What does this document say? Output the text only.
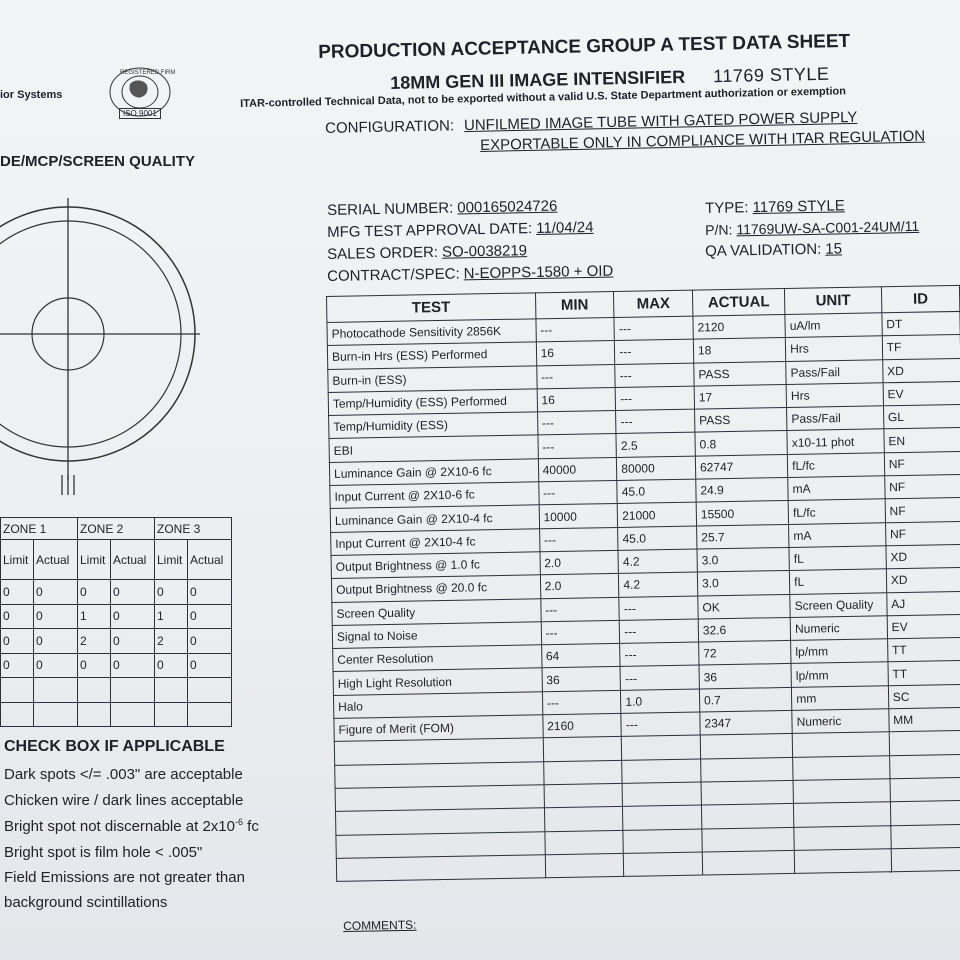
ior Systems
REGISTERED FIRM
ISO 9001
PRODUCTION ACCEPTANCE GROUP A TEST DATA SHEET
18MM GEN III IMAGE INTENSIFIER 11769 STYLE
ITAR-controlled Technical Data, not to be exported without a valid U.S. State Department authorization or exemption
CONFIGURATION: UNFILMED IMAGE TUBE WITH GATED POWER SUPPLY
EXPORTABLE ONLY IN COMPLIANCE WITH ITAR REGULATION
DE/MCP/SCREEN QUALITY
SERIAL NUMBER: 000165024726
MFG TEST APPROVAL DATE: 11/04/24
SALES ORDER: SO-0038219
CONTRACT/SPEC: N-EOPPS-1580 + OID
TYPE: 11769 STYLE
P/N: 11769UW-SA-C001-24UM/11
QA VALIDATION: 15
TEST	MIN	MAX	ACTUAL	UNIT	ID
Photocathode Sensitivity 2856K	---	---	2120	uA/lm	DT
Burn-in Hrs (ESS) Performed	16	---	18	Hrs	TF
Burn-in (ESS)	---	---	PASS	Pass/Fail	XD
Temp/Humidity (ESS) Performed	16	---	17	Hrs	EV
Temp/Humidity (ESS)	---	---	PASS	Pass/Fail	GL
EBI	---	2.5	0.8	x10-11 phot	EN
Luminance Gain @ 2X10-6 fc	40000	80000	62747	fL/fc	NF
Input Current @ 2X10-6 fc	---	45.0	24.9	mA	NF
Luminance Gain @ 2X10-4 fc	10000	21000	15500	fL/fc	NF
Input Current @ 2X10-4 fc	---	45.0	25.7	mA	NF
Output Brightness @ 1.0 fc	2.0	4.2	3.0	fL	XD
Output Brightness @ 20.0 fc	2.0	4.2	3.0	fL	XD
Screen Quality	---	---	OK	Screen Quality	AJ
Signal to Noise	---	---	32.6	Numeric	EV
Center Resolution	64	---	72	lp/mm	TT
High Light Resolution	36	---	36	lp/mm	TT
Halo	---	1.0	0.7	mm	SC
Figure of Merit (FOM)	2160	---	2347	Numeric	MM

COMMENTS:
ZONE 1		ZONE 2		ZONE 3	
Limit	Actual	Limit	Actual	Limit	Actual
0	0	0	0	0	0
0	0	1	0	1	0
0	0	2	0	2	0
0	0	0	0	0	0

CHECK BOX IF APPLICABLE
Dark spots </= .003" are acceptable
Chicken wire / dark lines acceptable
Bright spot not discernable at $2x10^{-6}$ fc
Bright spot is film hole < .005"
Field Emissions are not greater than
background scintillations
